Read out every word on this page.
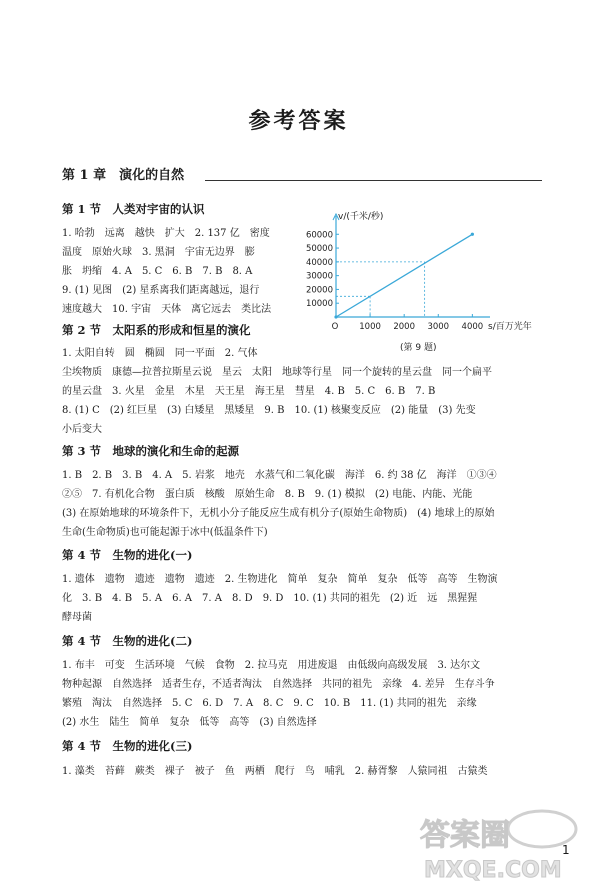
参考答案
第 1 章　演化的自然
第 1 节　人类对宇宙的认识
1. 哈勃　远离　越快　扩大　2. 137 亿　密度
温度　原始火球　3. 黑洞　宇宙无边界　膨
胀　坍缩　4. A　5. C　6. B　7. B　8. A
9. (1) 见图　(2) 星系离我们距离越远，退行
速度越大　10. 宇宙　天体　离它远去　类比法
1000 2000 3000 4000
10000
20000
30000
40000
50000
60000
O
v/(千米/秒)
s/百万光年
(第 9 题)
第 2 节　太阳系的形成和恒星的演化
1. 太阳自转　圆　椭圆　同一平面　2. 气体
尘埃物质　康德—拉普拉斯星云说　星云　太阳　地球等行星　同一个旋转的星云盘　同一个扁平
的星云盘　3. 火星　金星　木星　天王星　海王星　彗星　4. B　5. C　6. B　7. B
8. (1) C　(2) 红巨星　(3) 白矮星　黑矮星　9. B　10. (1) 核聚变反应　(2) 能量　(3) 先变
小后变大
第 3 节　地球的演化和生命的起源
1. B　2. B　3. B　4. A　5. 岩浆　地壳　水蒸气和二氧化碳　海洋　6. 约 38 亿　海洋　①③④
②⑤　7. 有机化合物　蛋白质　核酸　原始生命　8. B　9. (1) 模拟　(2) 电能、内能、光能
(3) 在原始地球的环境条件下，无机小分子能反应生成有机分子(原始生命物质)　(4) 地球上的原始
生命(生命物质)也可能起源于冰中(低温条件下)
第 4 节　生物的进化(一)
1. 遗体　遗物　遗迹　遗物　遗迹　2. 生物进化　简单　复杂　简单　复杂　低等　高等　生物演
化　3. B　4. B　5. A　6. A　7. A　8. D　9. D　10. (1) 共同的祖先　(2) 近　远　黑猩猩
酵母菌
第 4 节　生物的进化(二)
1. 布丰　可变　生活环境　气候　食物　2. 拉马克　用进废退　由低级向高级发展　3. 达尔文
物种起源　自然选择　适者生存，不适者淘汰　自然选择　共同的祖先　亲缘　4. 差异　生存斗争
繁殖　淘汰　自然选择　5. C　6. D　7. A　8. C　9. C　10. B　11. (1) 共同的祖先　亲缘
(2) 水生　陆生　简单　复杂　低等　高等　(3) 自然选择
第 4 节　生物的进化(三)
1. 藻类　苔藓　蕨类　裸子　被子　鱼　两栖　爬行　鸟　哺乳　2. 赫胥黎　人猿同祖　古猿类
答案圈
MXQE.COM
1
